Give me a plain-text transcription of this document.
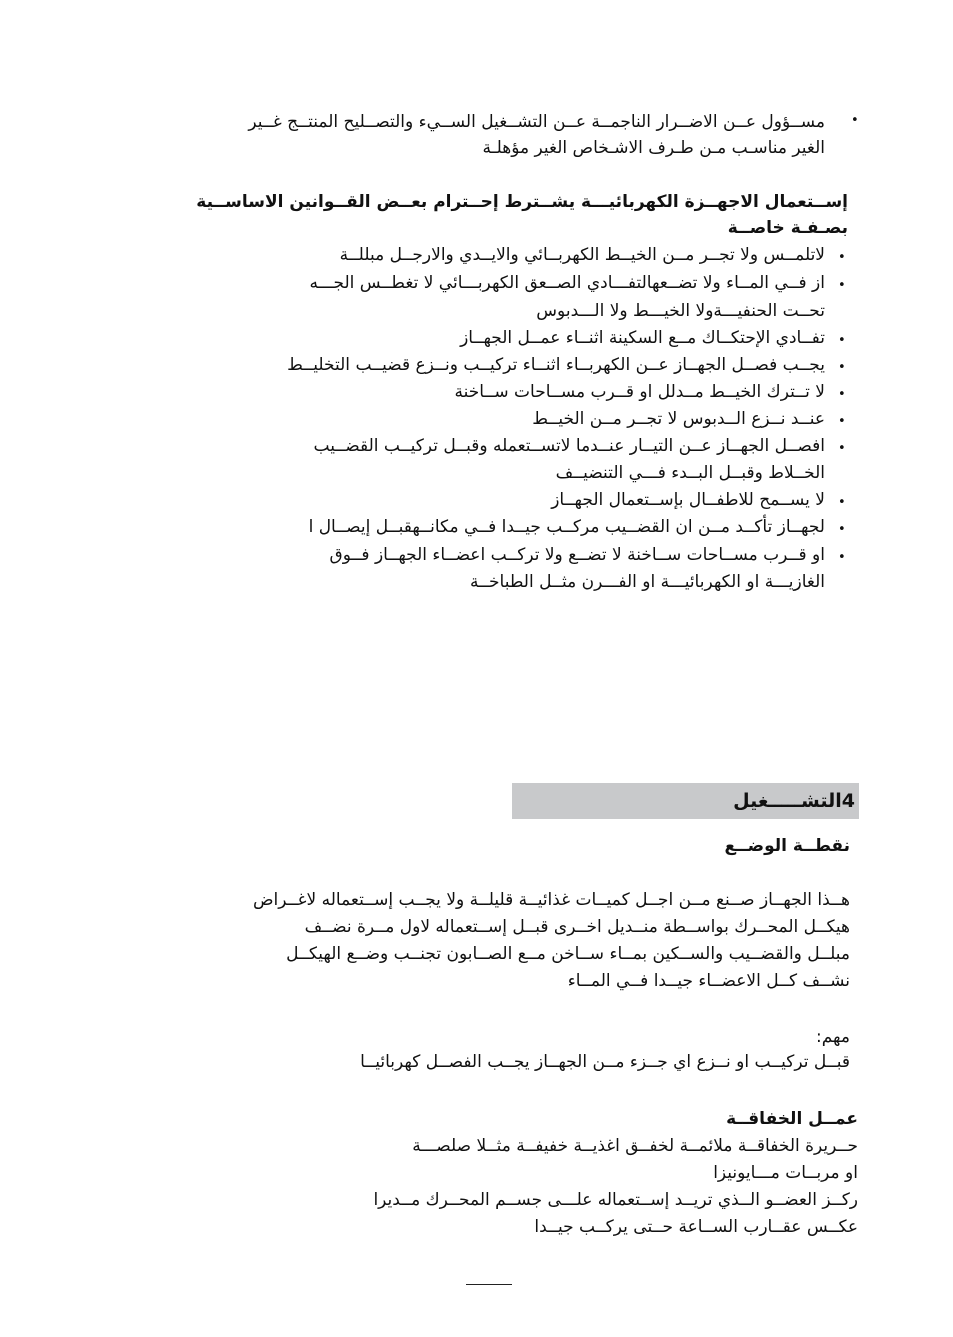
•
مســؤول عــن الاضــرار الناجمــة عــن التشــغيل الســيء والتصــليح المنتــج غــير
الغير مناسـب مـن طـرف الاشـخاص الغير مؤهلـة
إســتعمال الاجهــزة الكهربائيـــة يشــترط إحــترام بعــض القــوانين الاساســية
بصـفـة خاصــة
•
لاتلمــس ولا تجــر مــن الخيــط الكهربــائي والايــدي والارجــل مبللــة
•
از فــي المــاء ولا تضــعهالتفـــادي الصــعق الكهربـــائي لا تغطــس الجـــه
تحــت الحنفيـــةولا الخيـــط ولا الـــدبوس
•
تفــادي الإحتكــاك مــع السكينة اثنــاء عمــل الجهــاز
•
يجــب فصــل الجهــاز عــن الكهربــاء اثنــاء تركيــب ونــزع قضيــب التخليــط
•
لا تــترك الخيــط مــدلل او قــرب مســاحات ســاخنة
•
عنــد نــزع الــدبوس لا تجــر مــن الخيــط
•
افصــل الجهــاز عــن التيــار عنــدما لاتســتعمله وقبــل تركيــب القضــيب
الخــلاط وقبــل البــدء فـــي التنضيــف
•
لا يســمح للاطفــال بإســتعمال الجهــاز
•
لجهــاز تأكــد مــن ان القضــيب مركــب جيــدا فــي مكانــهقبــل إيصــال ا
•
او قــرب مســاحات ســاخنة لا تضــع ولا تركــب اعضــاء الجهــاز فــوق
الغازيـــة او الكهربائيـــة او الفـــرن مثــل الطباخــة
4التشـــــغيل
نقطــة الوضــع
هــذا الجهــاز صــنع مــن اجــل كميــات غذائيــة قليلــة ولا يجــب إســتعماله لاغــراض
هيكــل المحــرك بواســطة منــديل اخــرى قبــل إســتعماله لاول مــرة نضــف
مبلــل والقضــيب والســكين بمــاء ســاخن مــع الصــابون تجنــب وضــع الهيكــل
نشــف كــل الاعضــاء جيــدا فــي المــاء
مهم:
قبــل تركيــب او نــزع اي جــزء مــن الجهــاز يجــب الفصــل كهربائيــا
عمــل الخفاقــة
حــريرة الخفاقــة ملائمــة لخفــق اغذيــة خفيفــة مثــلا صلصـــة
او مربــات مـــايونيزا
ركــز العضــو الــذي تريــد إســتعماله علـــى جســم المحــرك مــديرا
عكــس عقــارب الســاعة حــتى يركــب جيــدا
